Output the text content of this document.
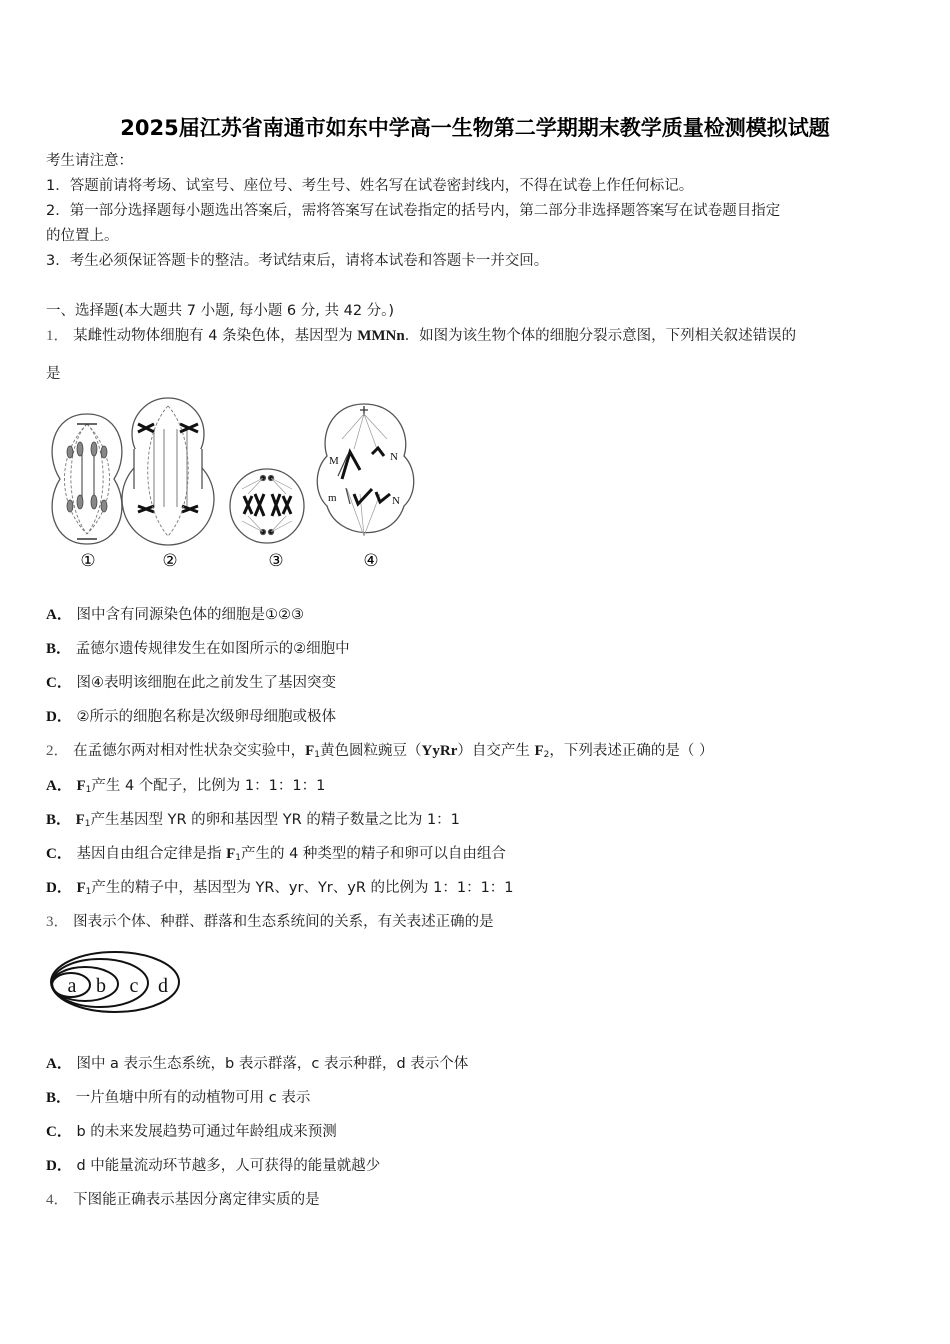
2025届江苏省南通市如东中学高一生物第二学期期末教学质量检测模拟试题
考生请注意：
1．答题前请将考场、试室号、座位号、考生号、姓名写在试卷密封线内，不得在试卷上作任何标记。
2．第一部分选择题每小题选出答案后，需将答案写在试卷指定的括号内，第二部分非选择题答案写在试卷题目指定
的位置上。
3．考生必须保证答题卡的整洁。考试结束后，请将本试卷和答题卡一并交回。
一、选择题(本大题共 7 小题, 每小题 6 分, 共 42 分。)
1． 某雌性动物体细胞有 4 条染色体，基因型为 MMNn．如图为该生物个体的细胞分裂示意图，下列相关叙述错误的
是
M	N
m	N
①	②	③	④
A． 图中含有同源染色体的细胞是①②③
B． 孟德尔遗传规律发生在如图所示的②细胞中
C． 图④表明该细胞在此之前发生了基因突变
D． ②所示的细胞名称是次级卵母细胞或极体
2． 在孟德尔两对相对性状杂交实验中，$F_1$黄色圆粒豌豆（YyRr）自交产生 $F_2$，下列表述正确的是（ ）
A． $F_1$产生 4 个配子，比例为 1：1：1：1
B． $F_1$产生基因型 YR 的卵和基因型 YR 的精子数量之比为 1：1
C． 基因自由组合定律是指 $F_1$产生的 4 种类型的精子和卵可以自由组合
D． $F_1$产生的精子中，基因型为 YR、yr、Yr、yR 的比例为 1：1：1：1
3． 图表示个体、种群、群落和生态系统间的关系，有关表述正确的是
a b c d
A． 图中 a 表示生态系统，b 表示群落，c 表示种群，d 表示个体
B． 一片鱼塘中所有的动植物可用 c 表示
C． b 的未来发展趋势可通过年龄组成来预测
D． d 中能量流动环节越多，人可获得的能量就越少
4． 下图能正确表示基因分离定律实质的是
